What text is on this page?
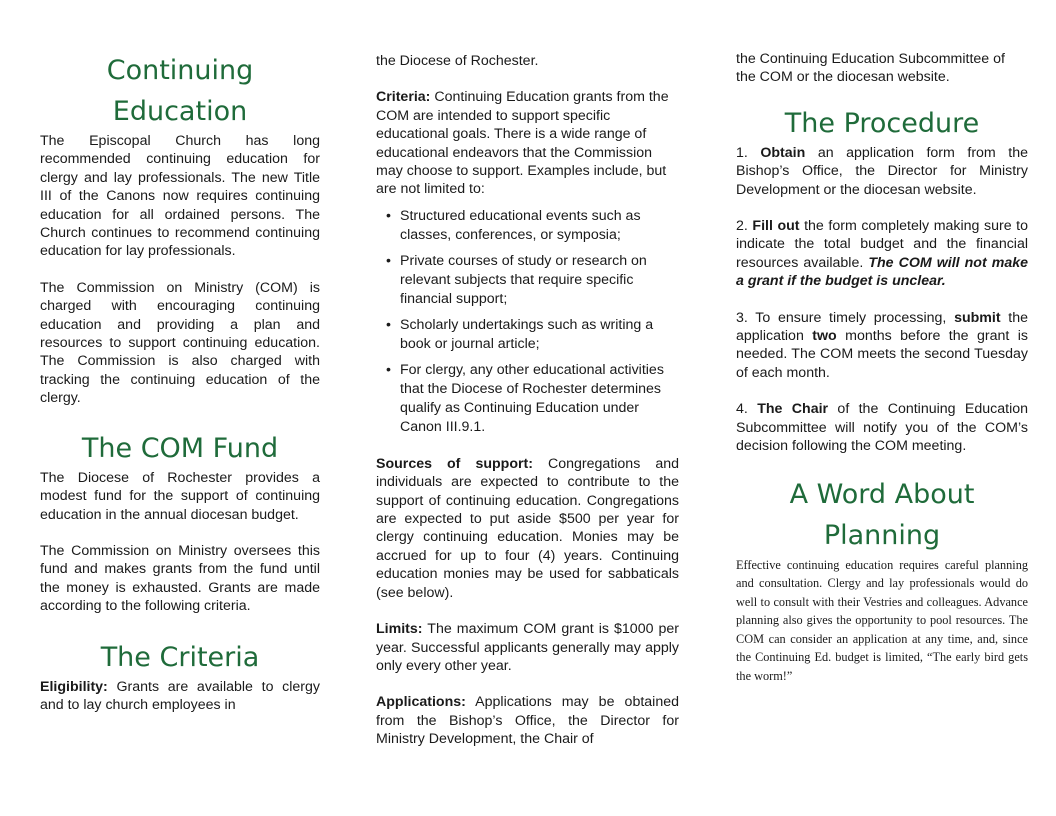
Continuing Education

The Episcopal Church has long recommended continuing education for clergy and lay professionals. The new Title III of the Canons now requires continuing education for all ordained persons. The Church continues to recommend continuing education for lay professionals.

The Commission on Ministry (COM) is charged with encouraging continuing education and providing a plan and resources to support continuing education. The Commission is also charged with tracking the continuing education of the clergy.

The COM Fund

The Diocese of Rochester provides a modest fund for the support of continuing education in the annual diocesan budget.

The Commission on Ministry oversees this fund and makes grants from the fund until the money is exhausted. Grants are made according to the following criteria.

The Criteria

Eligibility: Grants are available to clergy and to lay church employees in

the Diocese of Rochester.

Criteria: Continuing Education grants from the COM are intended to support specific educational goals. There is a wide range of educational endeavors that the Commission may choose to support. Examples include, but are not limited to:

• Structured educational events such as classes, conferences, or symposia;
• Private courses of study or research on relevant subjects that require specific financial support;
• Scholarly undertakings such as writing a book or journal article;
• For clergy, any other educational activities that the Diocese of Rochester determines qualify as Continuing Education under Canon III.9.1.

Sources of support: Congregations and individuals are expected to contribute to the support of continuing education. Congregations are expected to put aside $500 per year for clergy continuing education. Monies may be accrued for up to four (4) years. Continuing education monies may be used for sabbaticals (see below).

Limits: The maximum COM grant is $1000 per year. Successful applicants generally may apply only every other year.

Applications: Applications may be obtained from the Bishop’s Office, the Director for Ministry Development, the Chair of

the Continuing Education Subcommittee of the COM or the diocesan website.

The Procedure

1. Obtain an application form from the Bishop’s Office, the Director for Ministry Development or the diocesan website.

2. Fill out the form completely making sure to indicate the total budget and the financial resources available. The COM will not make a grant if the budget is unclear.

3. To ensure timely processing, submit the application two months before the grant is needed. The COM meets the second Tuesday of each month.

4. The Chair of the Continuing Education Subcommittee will notify you of the COM’s decision following the COM meeting.

A Word About Planning

Effective continuing education requires careful planning and consultation. Clergy and lay professionals would do well to consult with their Vestries and colleagues. Advance planning also gives the opportunity to pool resources. The COM can consider an application at any time, and, since the Continuing Ed. budget is limited, “The early bird gets the worm!”
